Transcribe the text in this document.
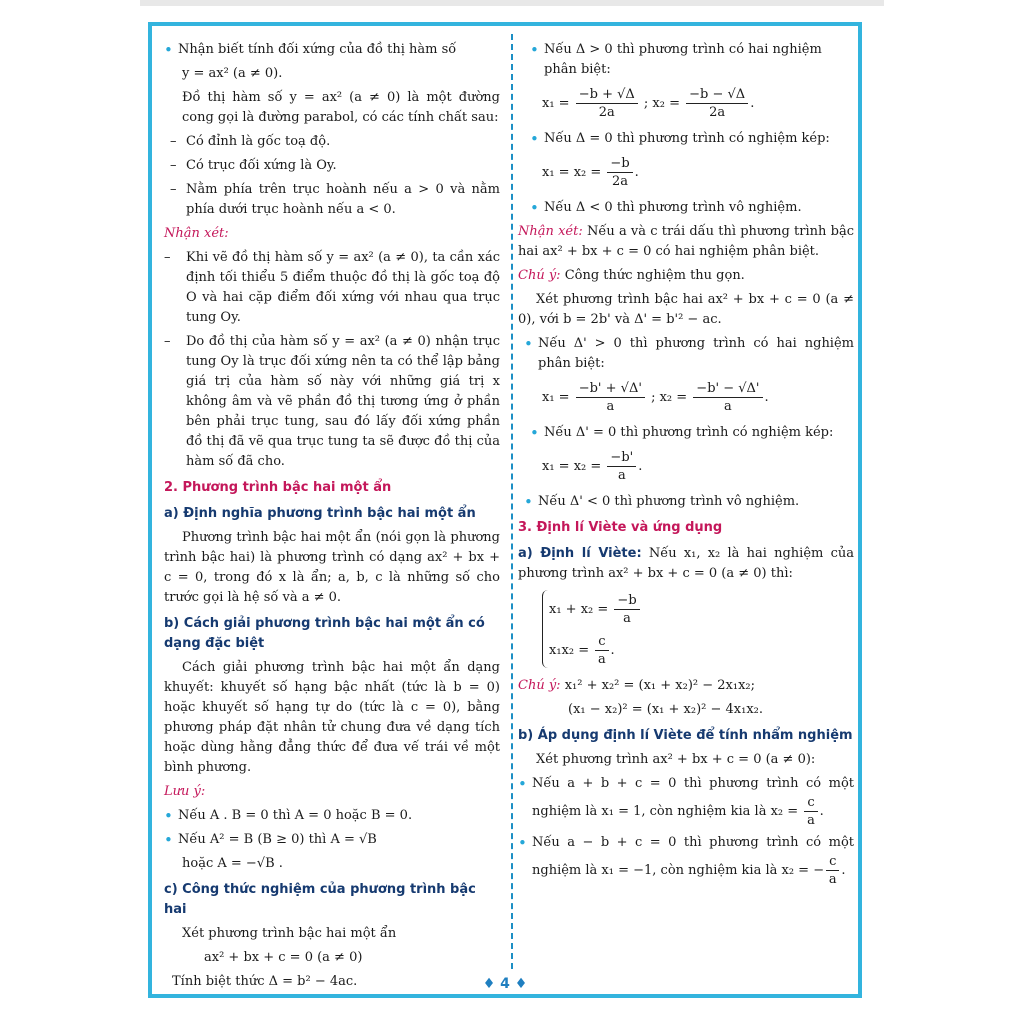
• Nhận biết tính đối xứng của đồ thị hàm số
y = ax² (a ≠ 0).
Đồ thị hàm số y = ax² (a ≠ 0) là một đường cong gọi là đường parabol, có các tính chất sau:
– Có đỉnh là gốc toạ độ.
– Có trục đối xứng là Oy.
– Nằm phía trên trục hoành nếu a > 0 và nằm phía dưới trục hoành nếu a < 0.
Nhận xét:
– Khi vẽ đồ thị hàm số y = ax² (a ≠ 0), ta cần xác định tối thiểu 5 điểm thuộc đồ thị là gốc toạ độ O và hai cặp điểm đối xứng với nhau qua trục tung Oy.
– Do đồ thị của hàm số y = ax² (a ≠ 0) nhận trục tung Oy là trục đối xứng nên ta có thể lập bảng giá trị của hàm số này với những giá trị x không âm và vẽ phần đồ thị tương ứng ở phần bên phải trục tung, sau đó lấy đối xứng phần đồ thị đã vẽ qua trục tung ta sẽ được đồ thị của hàm số đã cho.
2. Phương trình bậc hai một ẩn
a) Định nghĩa phương trình bậc hai một ẩn
Phương trình bậc hai một ẩn (nói gọn là phương trình bậc hai) là phương trình có dạng ax² + bx + c = 0, trong đó x là ẩn; a, b, c là những số cho trước gọi là hệ số và a ≠ 0.
b) Cách giải phương trình bậc hai một ẩn có dạng đặc biệt
Cách giải phương trình bậc hai một ẩn dạng khuyết: khuyết số hạng bậc nhất (tức là b = 0) hoặc khuyết số hạng tự do (tức là c = 0), bằng phương pháp đặt nhân tử chung đưa về dạng tích hoặc dùng hằng đẳng thức để đưa vế trái về một bình phương.
Lưu ý:
• Nếu A . B = 0 thì A = 0 hoặc B = 0.
• Nếu A² = B (B ≥ 0) thì A = √B
hoặc A = −√B .
c) Công thức nghiệm của phương trình bậc hai
Xét phương trình bậc hai một ẩn
ax² + bx + c = 0 (a ≠ 0)
Tính biệt thức Δ = b² − 4ac.
• Nếu Δ > 0 thì phương trình có hai nghiệm phân biệt:
$x_1 = \frac{-b + √\Delta}{2a}$ ; $x_2 = \frac{-b - √\Delta}{2a}$ .
• Nếu Δ = 0 thì phương trình có nghiệm kép:
$x_1 = x_2 = \frac{-b}{2a}$ .
• Nếu Δ < 0 thì phương trình vô nghiệm.
Nhận xét: Nếu a và c trái dấu thì phương trình bậc hai ax² + bx + c = 0 có hai nghiệm phân biệt.
Chú ý: Công thức nghiệm thu gọn.
Xét phương trình bậc hai ax² + bx + c = 0 (a ≠ 0), với b = 2b' và Δ' = b'² − ac.
• Nếu Δ' > 0 thì phương trình có hai nghiệm phân biệt:
$x_1 = \frac{-b' + √\Delta'}{a}$ ; $x_2 = \frac{-b' - √\Delta'}{a}$ .
• Nếu Δ' = 0 thì phương trình có nghiệm kép:
$x_1 = x_2 = \frac{-b'}{a}$ .
• Nếu Δ' < 0 thì phương trình vô nghiệm.
3. Định lí Viète và ứng dụng
a) Định lí Viète: Nếu x₁, x₂ là hai nghiệm của phương trình ax² + bx + c = 0 (a ≠ 0) thì:
$x_1 + x_2 = \frac{-b}{a}$
$x_1x_2 = \frac{c}{a}$ .
Chú ý: x₁² + x₂² = (x₁ + x₂)² − 2x₁x₂;
(x₁ − x₂)² = (x₁ + x₂)² − 4x₁x₂.
b) Áp dụng định lí Viète để tính nhẩm nghiệm
Xét phương trình ax² + bx + c = 0 (a ≠ 0):
• Nếu a + b + c = 0 thì phương trình có một nghiệm là x₁ = 1, còn nghiệm kia là $x_2 = \frac{c}{a}$ .
• Nếu a − b + c = 0 thì phương trình có một nghiệm là x₁ = −1, còn nghiệm kia là x₂ = − $\frac{c}{a}$ .
♦ 4 ♦
